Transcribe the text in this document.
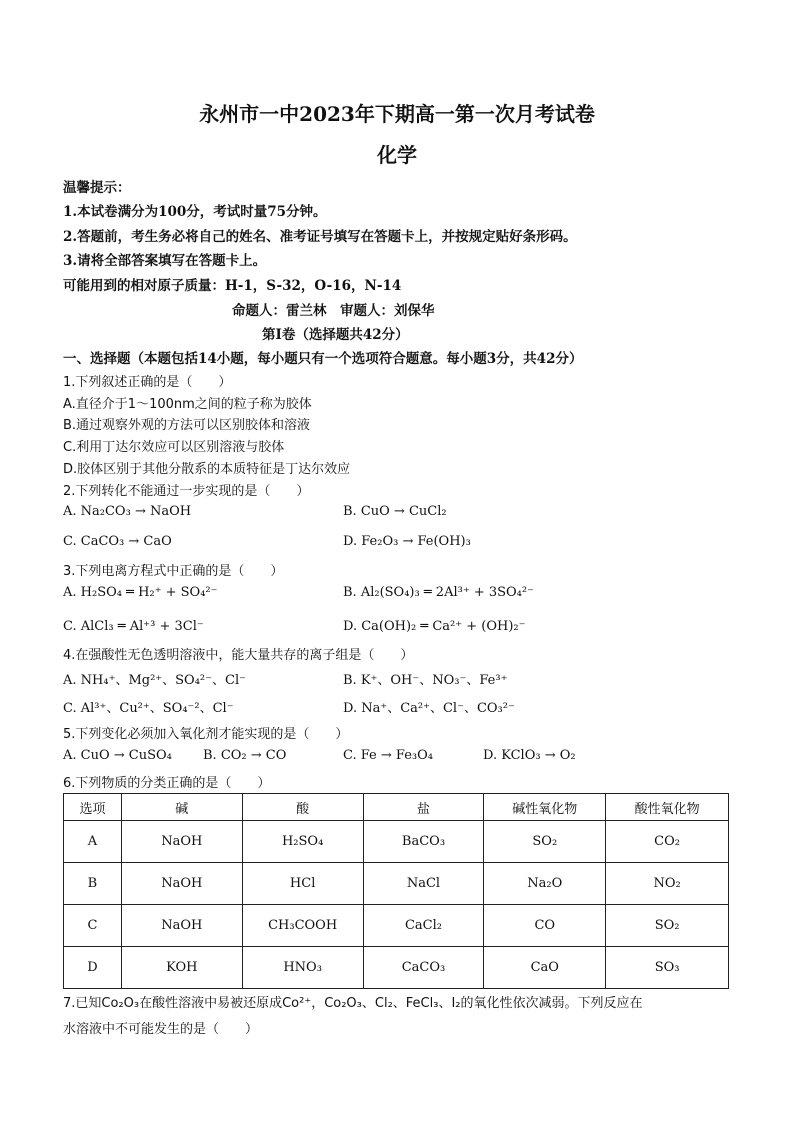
永州市一中2023年下期高一第一次月考试卷
化学
温馨提示：
1.本试卷满分为100分，考试时量75分钟。
2.答题前，考生务必将自己的姓名、准考证号填写在答题卡上，并按规定贴好条形码。
3.请将全部答案填写在答题卡上。
可能用到的相对原子质量：H-1，S-32，O-16，N-14
命题人：雷兰林　审题人：刘保华
第Ⅰ卷（选择题共42分）
一、选择题（本题包括14小题，每小题只有一个选项符合题意。每小题3分，共42分）
1.下列叙述正确的是（　　）
A.直径介于1～100nm之间的粒子称为胶体
B.通过观察外观的方法可以区别胶体和溶液
C.利用丁达尔效应可以区别溶液与胶体
D.胶体区别于其他分散系的本质特征是丁达尔效应
2.下列转化不能通过一步实现的是（　　）
A. Na₂CO₃ → NaOH	B. CuO → CuCl₂
C. CaCO₃ → CaO	D. Fe₂O₃ → Fe(OH)₃
3.下列电离方程式中正确的是（　　）
A. H₂SO₄ ═ H₂⁺ + SO₄²⁻	B. Al₂(SO₄)₃ ═ 2Al³⁺ + 3SO₄²⁻
C. AlCl₃ ═ Al⁺³ + 3Cl⁻	D. Ca(OH)₂ ═ Ca²⁺ + (OH)₂⁻
4.在强酸性无色透明溶液中，能大量共存的离子组是（　　）
A. NH₄⁺、Mg²⁺、SO₄²⁻、Cl⁻	B. K⁺、OH⁻、NO₃⁻、Fe³⁺
C. Al³⁺、Cu²⁺、SO₄⁻²、Cl⁻	D. Na⁺、Ca²⁺、Cl⁻、CO₃²⁻
5.下列变化必须加入氧化剂才能实现的是（　　）
A. CuO → CuSO₄ B. CO₂ → CO	C. Fe → Fe₃O₄	D. KClO₃ → O₂
6.下列物质的分类正确的是（　　）
选项	碱	酸	盐	碱性氧化物	酸性氧化物
A	NaOH	H₂SO₄	BaCO₃	SO₂	CO₂
B	NaOH	HCl	NaCl	Na₂O	NO₂
C	NaOH	CH₃COOH	CaCl₂	CO	SO₂
D	KOH	HNO₃	CaCO₃	CaO	SO₃
7.已知Co₂O₃在酸性溶液中易被还原成Co²⁺，Co₂O₃、Cl₂、FeCl₃、I₂的氧化性依次减弱。下列反应在
水溶液中不可能发生的是（　　）
